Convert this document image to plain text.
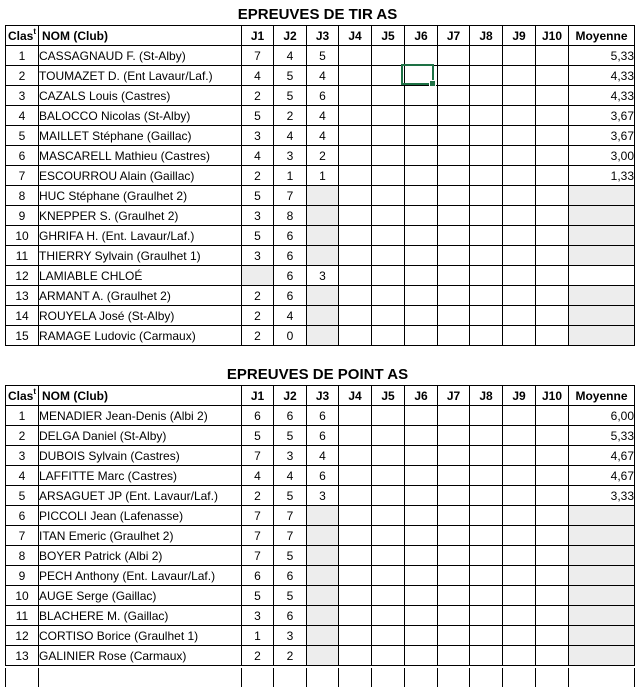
EPREUVES DE TIR AS
Clas$^t$	NOM (Club)	J1	J2	J3	J4	J5	J6	J7	J8	J9	J10	Moyenne
1	CASSAGNAUD F. (St-Alby)	7	4	5								5,33
2	TOUMAZET D. (Ent Lavaur/Laf.)	4	5	4								4,33
3	CAZALS Louis (Castres)	2	5	6								4,33
4	BALOCCO Nicolas (St-Alby)	5	2	4								3,67
5	MAILLET Stéphane (Gaillac)	3	4	4								3,67
6	MASCARELL Mathieu (Castres)	4	3	2								3,00
7	ESCOURROU Alain (Gaillac)	2	1	1								1,33
8	HUC Stéphane (Graulhet 2)	5	7									
9	KNEPPER S. (Graulhet 2)	3	8									
10	GHRIFA H. (Ent. Lavaur/Laf.)	5	6									
11	THIERRY Sylvain (Graulhet 1)	3	6									
12	LAMIABLE CHLOÉ		6	3								
13	ARMANT A. (Graulhet 2)	2	6									
14	ROUYELA José (St-Alby)	2	4									
15	RAMAGE Ludovic (Carmaux)	2	0									
EPREUVES DE POINT AS
Clas$^t$	NOM (Club)	J1	J2	J3	J4	J5	J6	J7	J8	J9	J10	Moyenne
1	MENADIER Jean-Denis (Albi 2)	6	6	6								6,00
2	DELGA Daniel (St-Alby)	5	5	6								5,33
3	DUBOIS Sylvain (Castres)	7	3	4								4,67
4	LAFFITTE Marc (Castres)	4	4	6								4,67
5	ARSAGUET JP (Ent. Lavaur/Laf.)	2	5	3								3,33
6	PICCOLI Jean (Lafenasse)	7	7									
7	ITAN Emeric (Graulhet 2)	7	7									
8	BOYER Patrick (Albi 2)	7	5									
9	PECH Anthony (Ent. Lavaur/Laf.)	6	6									
10	AUGE Serge (Gaillac)	5	5									
11	BLACHERE M. (Gaillac)	3	6									
12	CORTISO Borice (Graulhet 1)	1	3									
13	GALINIER Rose (Carmaux)	2	2									
